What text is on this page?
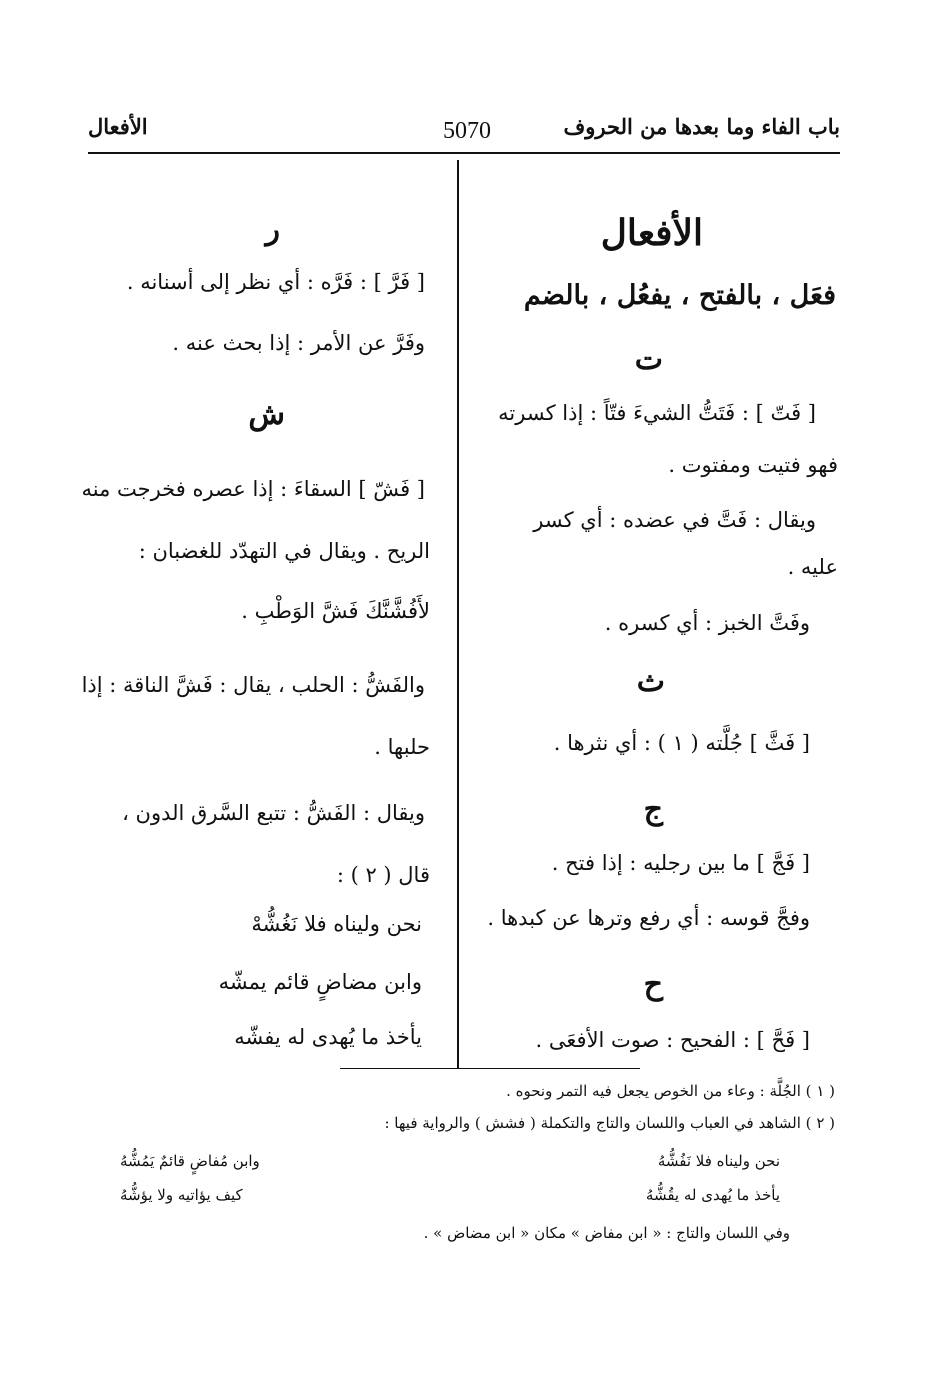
باب الفاء وما بعدها من الحروف
5070
الأفعال
الأفعال
فعَل ، بالفتح ، يفعُل ، بالضم
ت
[ فَتّ ] : فَتَتُّ الشيءَ فتّاً : إذا كسرته
فهو فتيت ومفتوت .
ويقال : فَتَّ في عضده : أي كسر
عليه .
وفَتَّ الخبز : أي كسره .
ث
[ فَثَّ ] جُلَّته ( ١ ) : أي نثرها .
ج
[ فَجَّ ] ما بين رجليه : إذا فتح .
وفجَّ قوسه : أي رفع وترها عن كبدها .
ح
[ فَحَّ ] : الفحيح : صوت الأفعَى .
ر
[ فَرَّ ] : فَرَّه : أي نظر إلى أسنانه .
وفَرَّ عن الأمر : إذا بحث عنه .
ش
[ فَشّ ] السقاءَ : إذا عصره فخرجت منه
الريح . ويقال في التهدّد للغضبان :
لأَفُشَّنَّكَ فَشَّ الوَطْبِ .
والفَشُّ : الحلب ، يقال : فَشَّ الناقة : إذا
حلبها .
ويقال : الفَشُّ : تتبع السَّرق الدون ،
قال ( ٢ ) :
نحن وليناه فلا نَغُشُّهْ
وابن مضاضٍ قائم يمشّه
يأخذ ما يُهدى له يفشّه
( ١ ) الجُلَّة : وعاء من الخوص يجعل فيه التمر ونحوه .
( ٢ ) الشاهد في العباب واللسان والتاج والتكملة ( فشش ) والرواية فيها :
نحن وليناه فلا نَفُشُّهُ
وابن مُفاضٍ قائمٌ يَمُشُّهُ
يأخذ ما يُهدى له يقُشُّهُ
كيف يؤاتيه ولا يؤشُّهُ
وفي اللسان والتاج : « ابن مفاض » مكان « ابن مضاض » .
